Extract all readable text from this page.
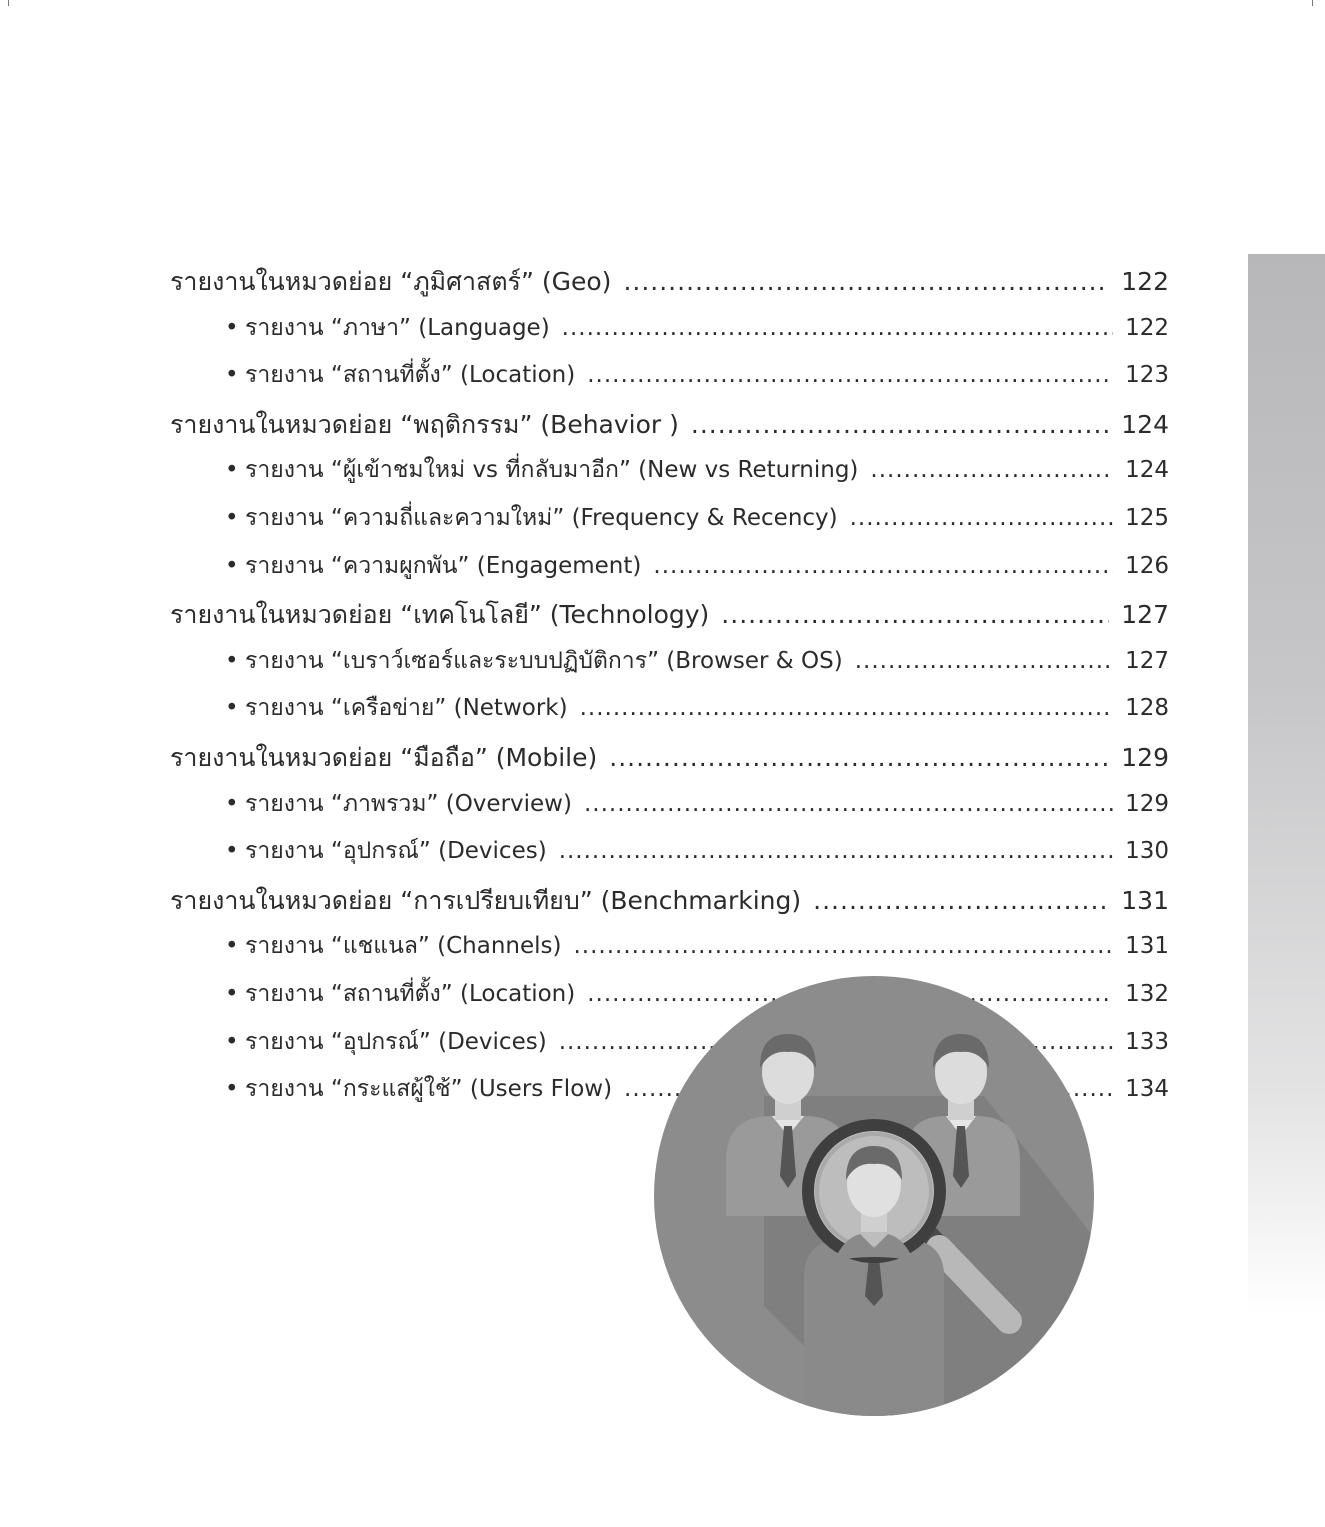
รายงานในหมวดย่อย “ภูมิศาสตร์” (Geo) .....	122
• รายงาน “ภาษา” (Language) .....	122
• รายงาน “สถานที่ตั้ง” (Location) .....	123
รายงานในหมวดย่อย “พฤติกรรม” (Behavior ) .....	124
• รายงาน “ผู้เข้าชมใหม่ vs ที่กลับมาอีก” (New vs Returning) .....	124
• รายงาน “ความถี่และความใหม่” (Frequency & Recency) .....	125
• รายงาน “ความผูกพัน” (Engagement) .....	126
รายงานในหมวดย่อย “เทคโนโลยี” (Technology) .....	127
• รายงาน “เบราว์เซอร์และระบบปฏิบัติการ” (Browser & OS) .....	127
• รายงาน “เครือข่าย” (Network) .....	128
รายงานในหมวดย่อย “มือถือ” (Mobile) .....	129
• รายงาน “ภาพรวม” (Overview) .....	129
• รายงาน “อุปกรณ์” (Devices) .....	130
รายงานในหมวดย่อย “การเปรียบเทียบ” (Benchmarking) .....	131
• รายงาน “แชแนล” (Channels) .....	131
• รายงาน “สถานที่ตั้ง” (Location) .....	132
• รายงาน “อุปกรณ์” (Devices) .....	133
• รายงาน “กระแสผู้ใช้” (Users Flow) .....	134
